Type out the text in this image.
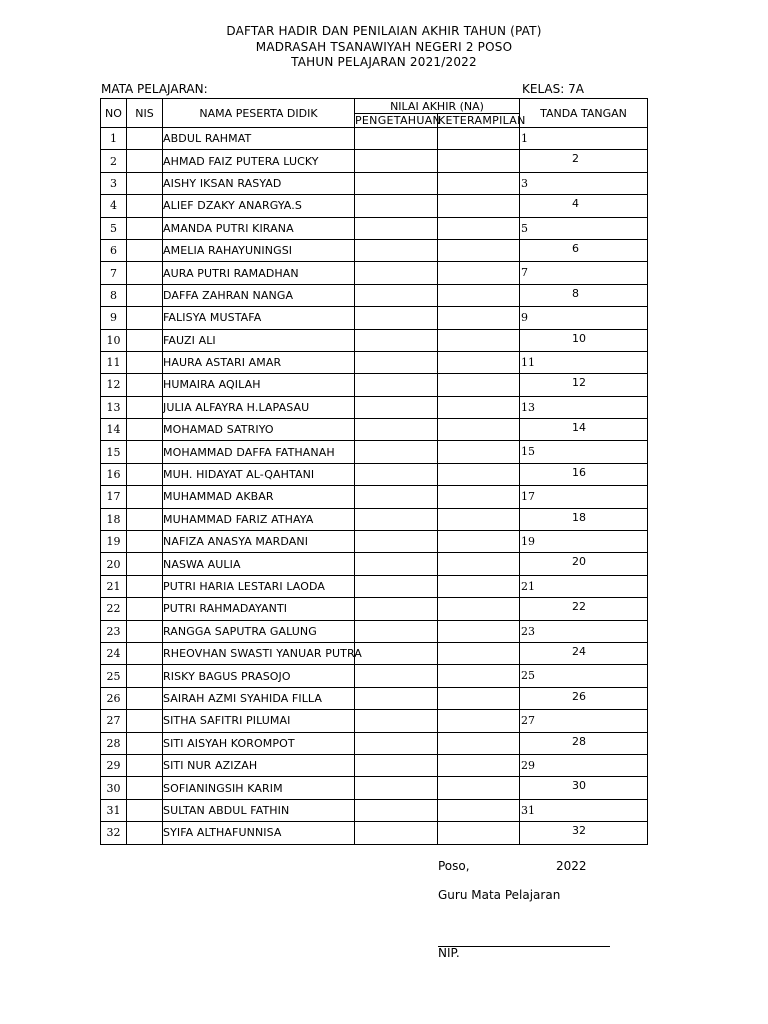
DAFTAR HADIR DAN PENILAIAN AKHIR TAHUN (PAT)
MADRASAH TSANAWIYAH NEGERI 2 POSO
TAHUN PELAJARAN 2021/2022
MATA PELAJARAN:	KELAS: 7A
NO	NIS	NAMA PESERTA DIDIK	NILAI AKHIR (NA)		TANDA TANGAN
			PENGETAHUAN	KETERAMPILAN	
1		ABDUL RAHMAT			1

2		AHMAD FAIZ PUTERA LUCKY			2

3		AISHY IKSAN RASYAD			3

4		ALIEF DZAKY ANARGYA.S			4

5		AMANDA PUTRI KIRANA			5

6		AMELIA RAHAYUNINGSI			6

7		AURA PUTRI RAMADHAN			7

8		DAFFA ZAHRAN NANGA			8

9		FALISYA MUSTAFA			9

10		FAUZI ALI			10

11		HAURA ASTARI AMAR			11

12		HUMAIRA AQILAH			12

13		JULIA ALFAYRA H.LAPASAU			13

14		MOHAMAD SATRIYO			14

15		MOHAMMAD DAFFA FATHANAH			15

16		MUH. HIDAYAT AL-QAHTANI			16

17		MUHAMMAD AKBAR			17

18		MUHAMMAD FARIZ ATHAYA			18

19		NAFIZA ANASYA MARDANI			19

20		NASWA AULIA			20

21		PUTRI HARIA LESTARI LAODA			21

22		PUTRI RAHMADAYANTI			22

23		RANGGA SAPUTRA GALUNG			23

24		RHEOVHAN SWASTI YANUAR PUTRA			24

25		RISKY BAGUS PRASOJO			25

26		SAIRAH AZMI SYAHIDA FILLA			26

27		SITHA SAFITRI PILUMAI			27

28		SITI AISYAH KOROMPOT			28

29		SITI NUR AZIZAH			29

30		SOFIANINGSIH KARIM			30

31		SULTAN ABDUL FATHIN			31

32		SYIFA ALTHAFUNNISA			32
Poso,	2022
Guru Mata Pelajaran
NIP.
